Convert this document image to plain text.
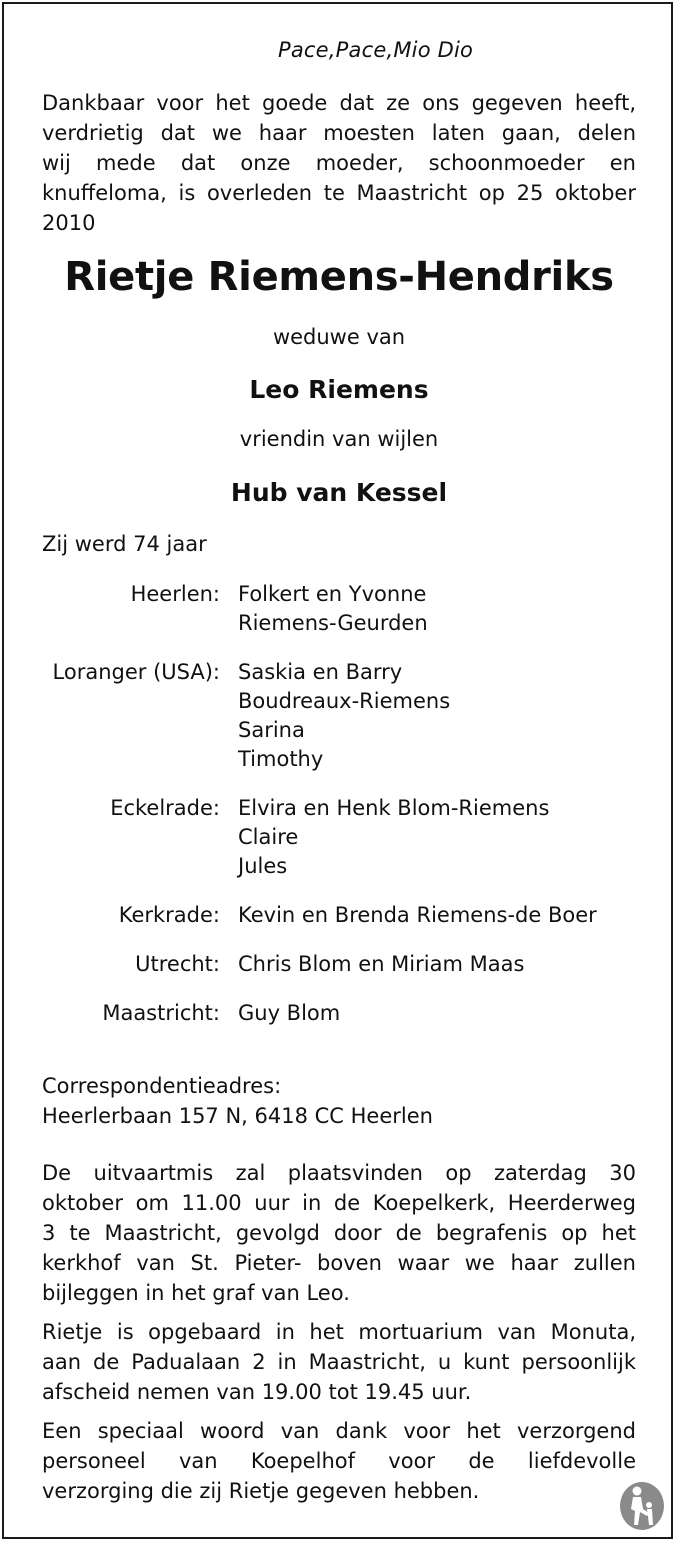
Pace,Pace,Mio Dio
Dankbaar voor het goede dat ze ons gegeven heeft,
verdrietig dat we haar moesten laten gaan, delen
wij mede dat onze moeder, schoonmoeder en
knuffeloma, is overleden te Maastricht op 25 oktober
2010
Rietje Riemens-Hendriks
weduwe van
Leo Riemens
vriendin van wijlen
Hub van Kessel
Zij werd 74 jaar
Heerlen: Folkert en Yvonne
Riemens-Geurden
Loranger (USA): Saskia en Barry
Boudreaux-Riemens
Sarina
Timothy
Eckelrade: Elvira en Henk Blom-Riemens
Claire
Jules
Kerkrade: Kevin en Brenda Riemens-de Boer
Utrecht: Chris Blom en Miriam Maas
Maastricht: Guy Blom
Correspondentieadres:
Heerlerbaan 157 N, 6418 CC Heerlen
De uitvaartmis zal plaatsvinden op zaterdag 30
oktober om 11.00 uur in de Koepelkerk, Heerderweg
3 te Maastricht, gevolgd door de begrafenis op het
kerkhof van St. Pieter- boven waar we haar zullen
bijleggen in het graf van Leo.
Rietje is opgebaard in het mortuarium van Monuta,
aan de Padualaan 2 in Maastricht, u kunt persoonlijk
afscheid nemen van 19.00 tot 19.45 uur.
Een speciaal woord van dank voor het verzorgend
personeel van Koepelhof voor de liefdevolle
verzorging die zij Rietje gegeven hebben.
